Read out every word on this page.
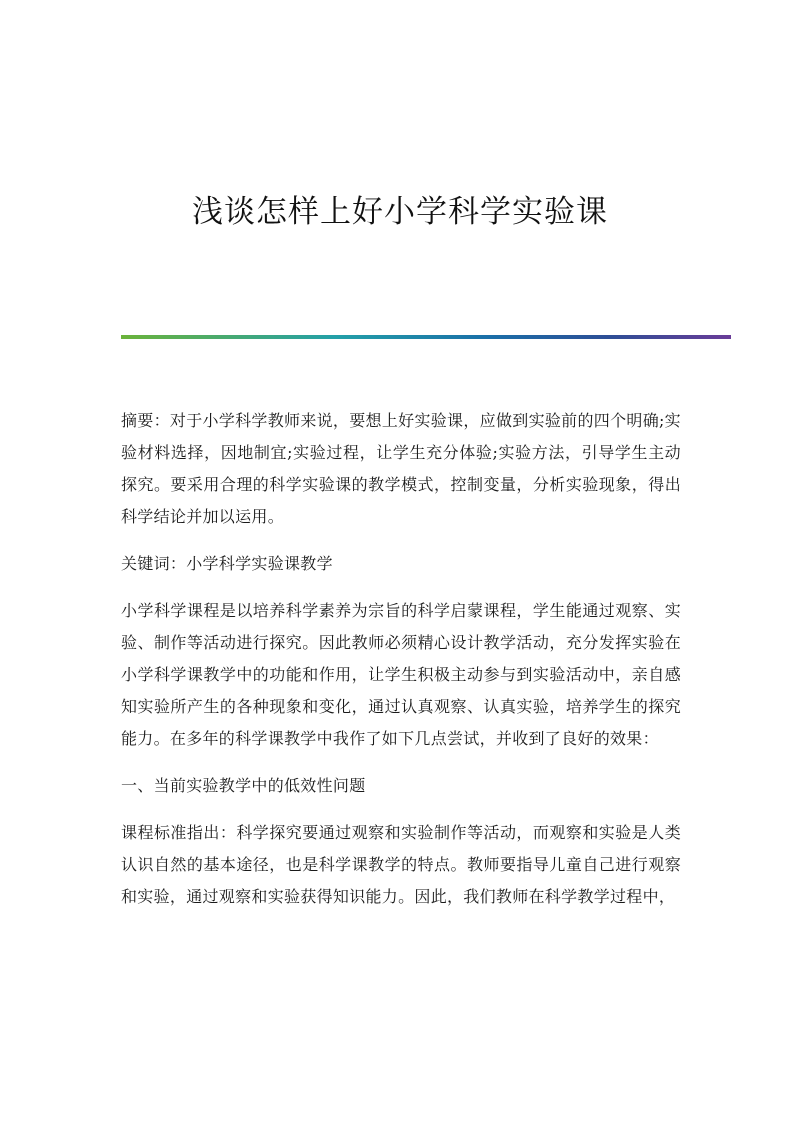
浅谈怎样上好小学科学实验课

摘要：对于小学科学教师来说，要想上好实验课，应做到实验前的四个明确;实验材料选择，因地制宜;实验过程，让学生充分体验;实验方法，引导学生主动探究。要采用合理的科学实验课的教学模式，控制变量，分析实验现象，得出科学结论并加以运用。

关键词：小学科学实验课教学

小学科学课程是以培养科学素养为宗旨的科学启蒙课程，学生能通过观察、实验、制作等活动进行探究。因此教师必须精心设计教学活动，充分发挥实验在小学科学课教学中的功能和作用，让学生积极主动参与到实验活动中，亲自感知实验所产生的各种现象和变化，通过认真观察、认真实验，培养学生的探究能力。在多年的科学课教学中我作了如下几点尝试，并收到了良好的效果：

一、当前实验教学中的低效性问题

课程标准指出：科学探究要通过观察和实验制作等活动，而观察和实验是人类认识自然的基本途径，也是科学课教学的特点。教师要指导儿童自己进行观察和实验，通过观察和实验获得知识能力。因此，我们教师在科学教学过程中，
